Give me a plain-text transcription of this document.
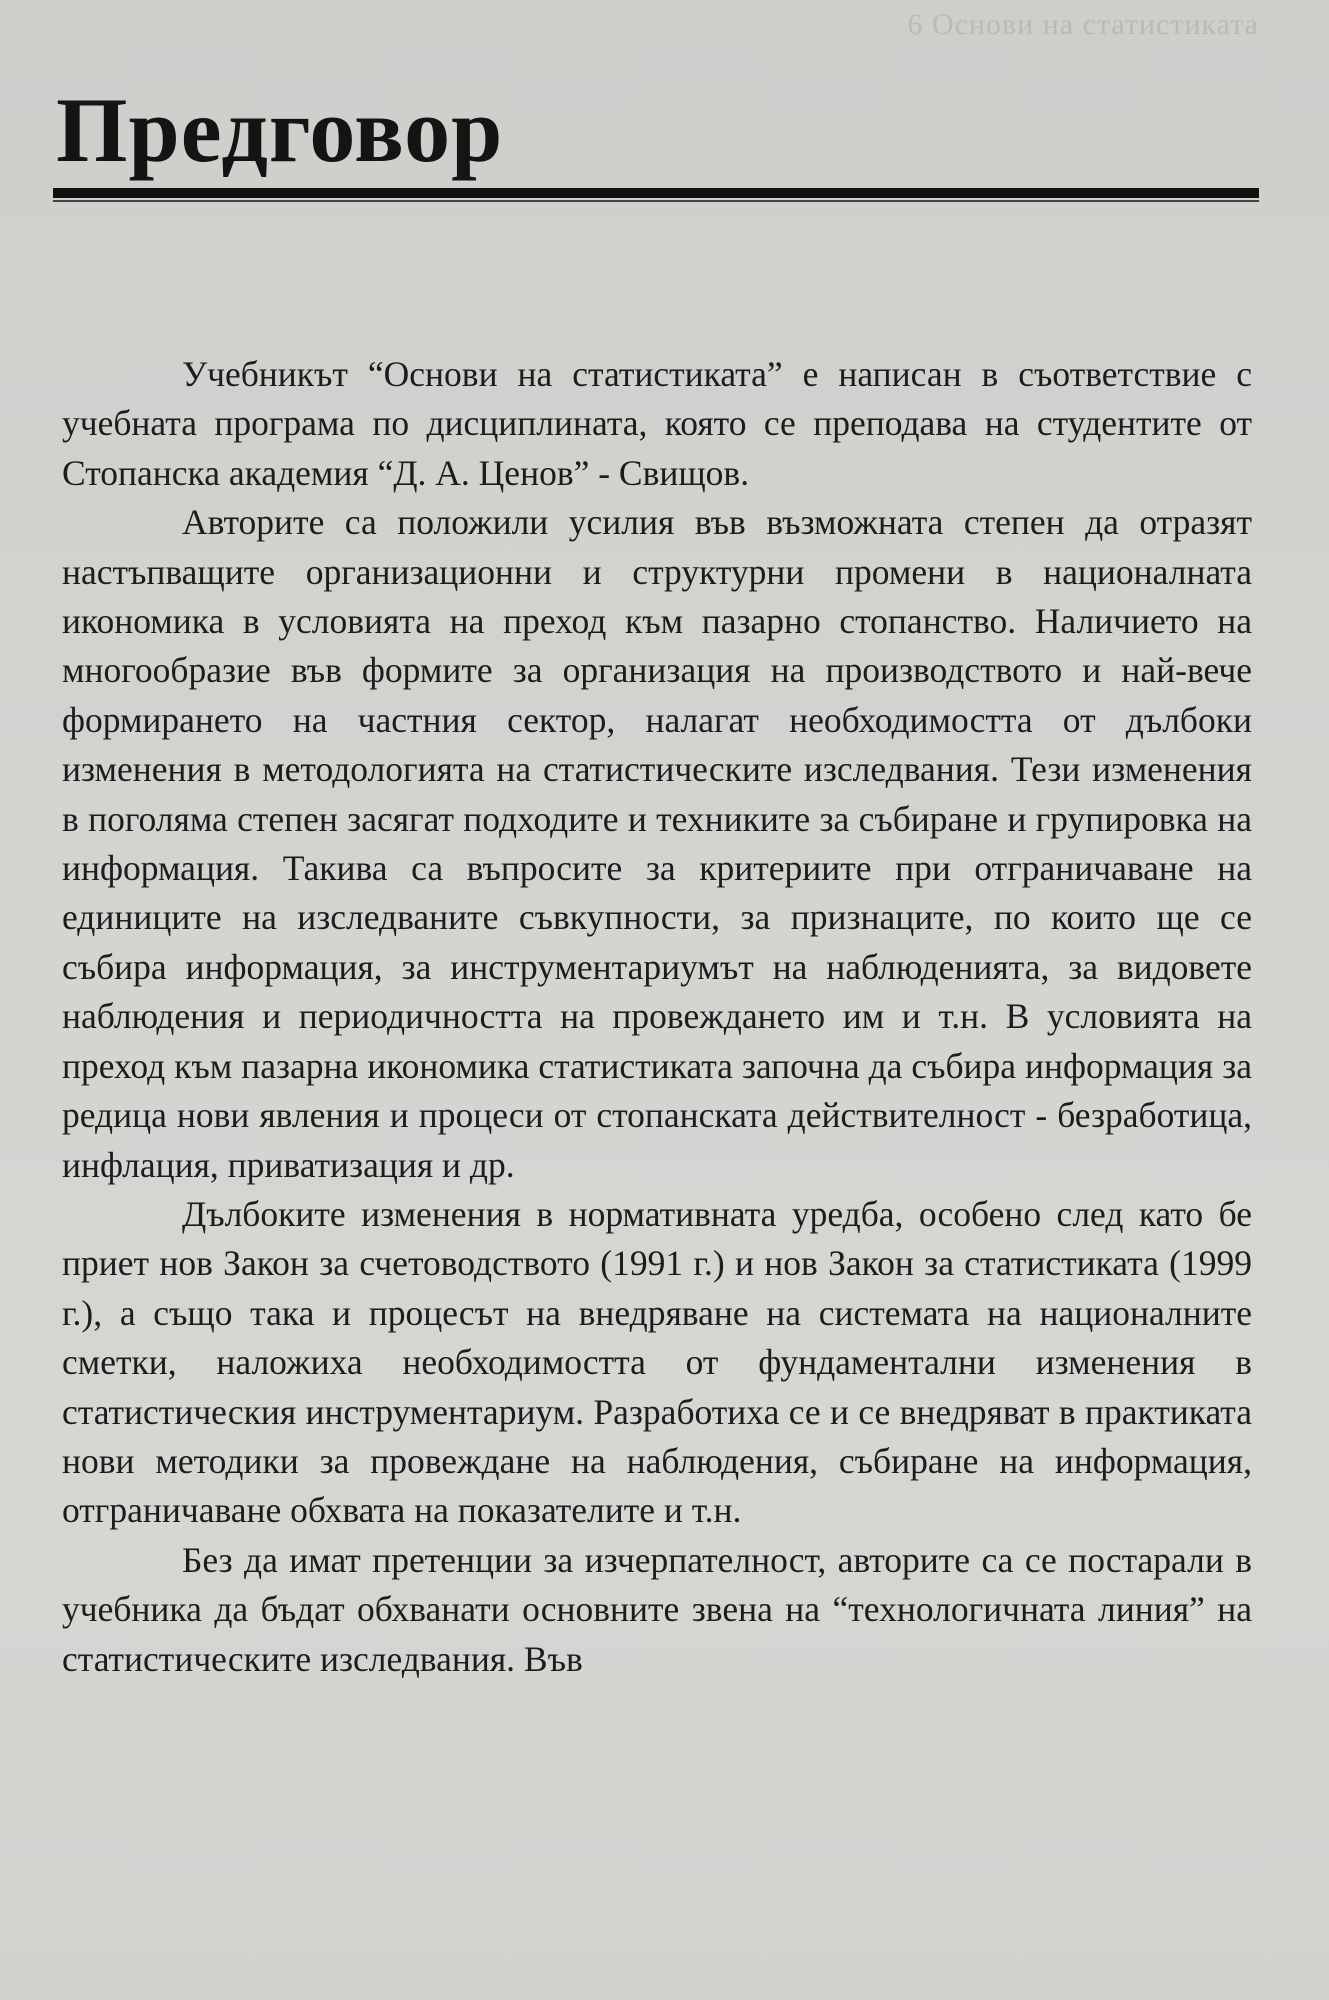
6 Основи на статистиката
Предговор

Учебникът “Основи на статистиката” е написан в съответствие с учебната програма по дисциплината, която се преподава на студентите от Стопанска академия “Д. А. Ценов” - Свищов.

Авторите са положили усилия във възможната степен да отразят настъпващите организационни и структурни промени в националната икономика в условията на преход към пазарно стопанство. Наличието на многообразие във формите за организация на производството и най-вече формирането на частния сектор, налагат необходимостта от дълбоки изменения в методологията на статистическите изследвания. Тези изменения в поголяма степен засягат подходите и техниките за събиране и групировка на информация. Такива са въпросите за критериите при отграничаване на единиците на изследваните съвкупности, за признаците, по които ще се събира информация, за инструментариумът на наблюденията, за видовете наблюдения и периодичността на провеждането им и т.н. В условията на преход към пазарна икономика статистиката започна да събира информация за редица нови явления и процеси от стопанската действителност - безработица, инфлация, приватизация и др.

Дълбоките изменения в нормативната уредба, особено след като бе приет нов Закон за счетоводството (1991 г.) и нов Закон за статистиката (1999 г.), а също така и процесът на внедряване на системата на националните сметки, наложиха необходимостта от фундаментални изменения в статистическия инструментариум. Разработиха се и се внедряват в практиката нови методики за провеждане на наблюдения, събиране на информация, отграничаване обхвата на показателите и т.н.

Без да имат претенции за изчерпателност, авторите са се постарали в учебника да бъдат обхванати основните звена на “технологичната линия” на статистическите изследвания. Във
